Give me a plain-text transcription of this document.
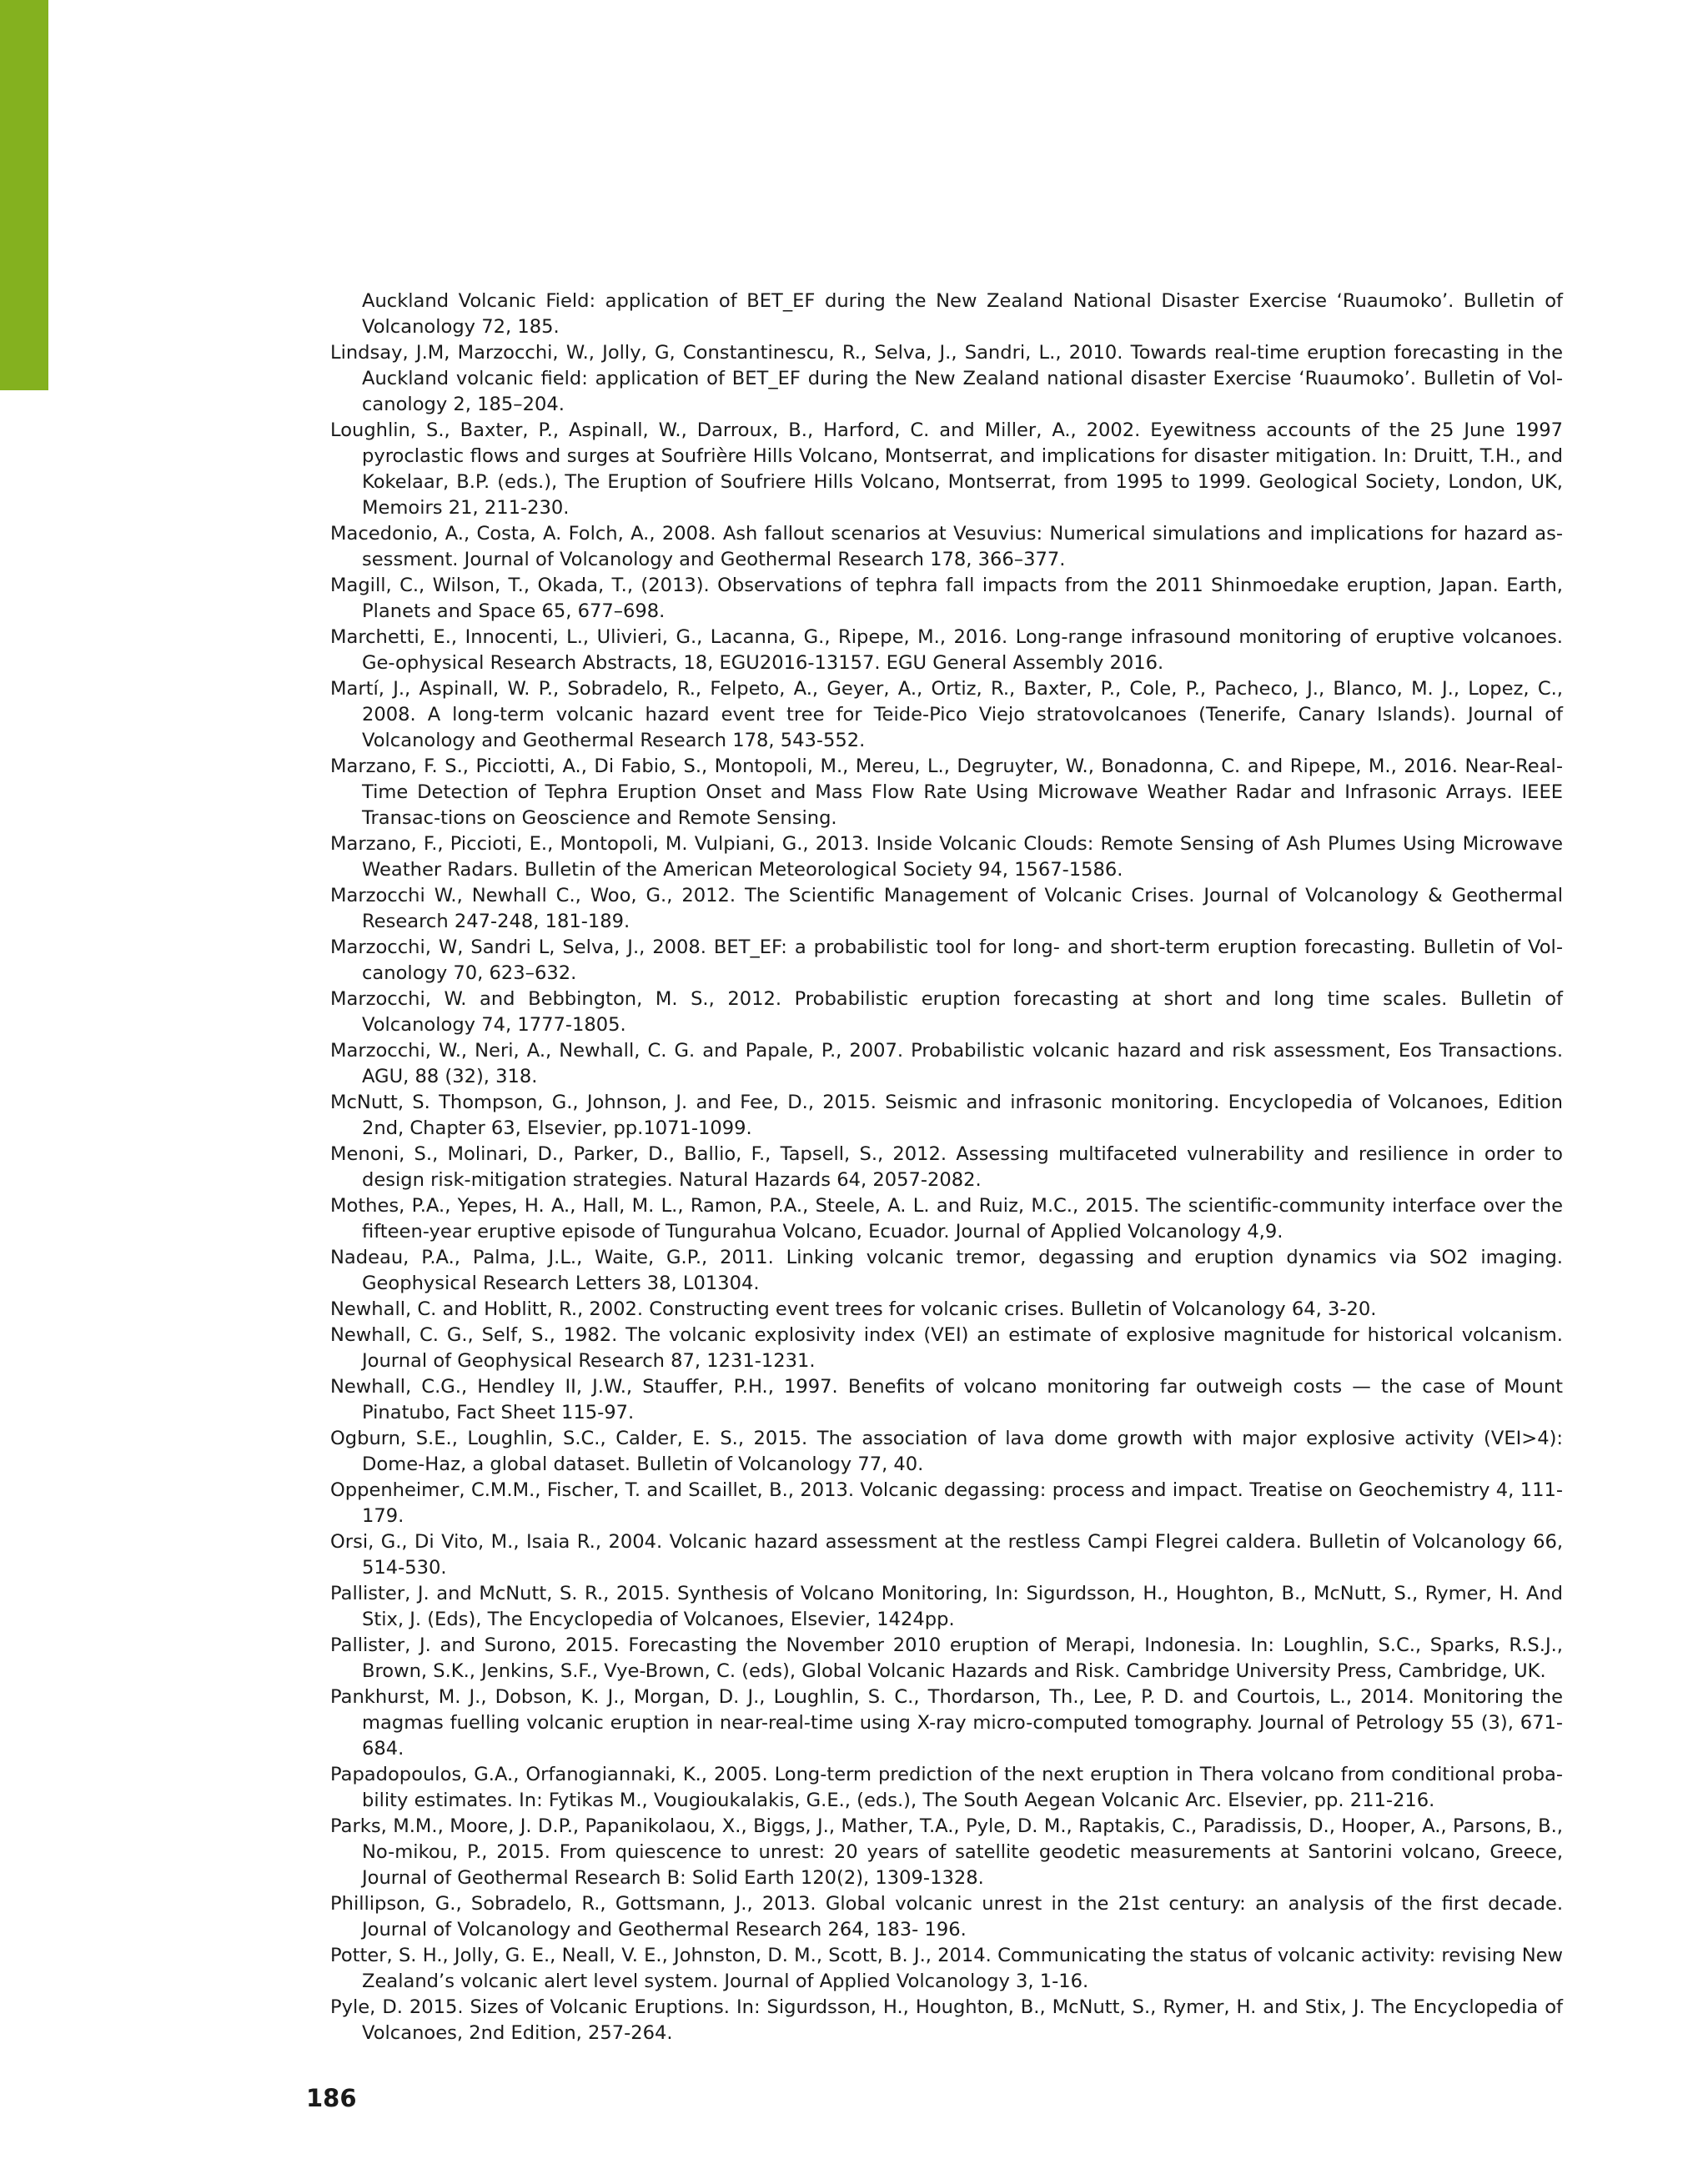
Auckland Volcanic Field: application of BET_EF during the New Zealand National Disaster Exercise ‘Ruaumoko’. Bulletin of Volcanology 72, 185.
Lindsay, J.M, Marzocchi, W., Jolly, G, Constantinescu, R., Selva, J., Sandri, L., 2010. Towards real-time eruption forecasting in the Auckland volcanic field: application of BET_EF during the New Zealand national disaster Exercise ‘Ruaumoko’. Bulletin of Vol-canology 2, 185–204.
Loughlin, S., Baxter, P., Aspinall, W., Darroux, B., Harford, C. and Miller, A., 2002. Eyewitness accounts of the 25 June 1997 pyroclastic flows and surges at Soufrière Hills Volcano, Montserrat, and implications for disaster mitigation. In: Druitt, T.H., and Kokelaar, B.P. (eds.), The Eruption of Soufriere Hills Volcano, Montserrat, from 1995 to 1999. Geological Society, London, UK, Memoirs 21, 211-230.
Macedonio, A., Costa, A. Folch, A., 2008. Ash fallout scenarios at Vesuvius: Numerical simulations and implications for hazard as-sessment. Journal of Volcanology and Geothermal Research 178, 366–377.
Magill, C., Wilson, T., Okada, T., (2013). Observations of tephra fall impacts from the 2011 Shinmoedake eruption, Japan. Earth, Planets and Space 65, 677–698.
Marchetti, E., Innocenti, L., Ulivieri, G., Lacanna, G., Ripepe, M., 2016. Long-range infrasound monitoring of eruptive volcanoes. Ge-ophysical Research Abstracts, 18, EGU2016-13157. EGU General Assembly 2016.
Martí, J., Aspinall, W. P., Sobradelo, R., Felpeto, A., Geyer, A., Ortiz, R., Baxter, P., Cole, P., Pacheco, J., Blanco, M. J., Lopez, C., 2008. A long-term volcanic hazard event tree for Teide-Pico Viejo stratovolcanoes (Tenerife, Canary Islands). Journal of Volcanology and Geothermal Research 178, 543-552.
Marzano, F. S., Picciotti, A., Di Fabio, S., Montopoli, M., Mereu, L., Degruyter, W., Bonadonna, C. and Ripepe, M., 2016. Near-Real-Time Detection of Tephra Eruption Onset and Mass Flow Rate Using Microwave Weather Radar and Infrasonic Arrays. IEEE Transac-tions on Geoscience and Remote Sensing.
Marzano, F., Piccioti, E., Montopoli, M. Vulpiani, G., 2013. Inside Volcanic Clouds: Remote Sensing of Ash Plumes Using Microwave Weather Radars. Bulletin of the American Meteorological Society 94, 1567-1586.
Marzocchi W., Newhall C., Woo, G., 2012. The Scientific Management of Volcanic Crises. Journal of Volcanology & Geothermal Research 247-248, 181-189.
Marzocchi, W, Sandri L, Selva, J., 2008. BET_EF: a probabilistic tool for long- and short-term eruption forecasting. Bulletin of Vol-canology 70, 623–632.
Marzocchi, W. and Bebbington, M. S., 2012. Probabilistic eruption forecasting at short and long time scales. Bulletin of Volcanology 74, 1777-1805.
Marzocchi, W., Neri, A., Newhall, C. G. and Papale, P., 2007. Probabilistic volcanic hazard and risk assessment, Eos Transactions. AGU, 88 (32), 318.
McNutt, S. Thompson, G., Johnson, J. and Fee, D., 2015. Seismic and infrasonic monitoring. Encyclopedia of Volcanoes, Edition 2nd, Chapter 63, Elsevier, pp.1071-1099.
Menoni, S., Molinari, D., Parker, D., Ballio, F., Tapsell, S., 2012. Assessing multifaceted vulnerability and resilience in order to design risk-mitigation strategies. Natural Hazards 64, 2057-2082.
Mothes, P.A., Yepes, H. A., Hall, M. L., Ramon, P.A., Steele, A. L. and Ruiz, M.C., 2015. The scientific-community interface over the fifteen-year eruptive episode of Tungurahua Volcano, Ecuador. Journal of Applied Volcanology 4,9.
Nadeau, P.A., Palma, J.L., Waite, G.P., 2011. Linking volcanic tremor, degassing and eruption dynamics via SO2 imaging. Geophysical Research Letters 38, L01304.
Newhall, C. and Hoblitt, R., 2002. Constructing event trees for volcanic crises. Bulletin of Volcanology 64, 3-20.
Newhall, C. G., Self, S., 1982. The volcanic explosivity index (VEI) an estimate of explosive magnitude for historical volcanism. Journal of Geophysical Research 87, 1231-1231.
Newhall, C.G., Hendley II, J.W., Stauffer, P.H., 1997. Benefits of volcano monitoring far outweigh costs — the case of Mount Pinatubo, Fact Sheet 115-97.
Ogburn, S.E., Loughlin, S.C., Calder, E. S., 2015. The association of lava dome growth with major explosive activity (VEI>4): Dome-Haz, a global dataset. Bulletin of Volcanology 77, 40.
Oppenheimer, C.M.M., Fischer, T. and Scaillet, B., 2013. Volcanic degassing: process and impact. Treatise on Geochemistry 4, 111-179.
Orsi, G., Di Vito, M., Isaia R., 2004. Volcanic hazard assessment at the restless Campi Flegrei caldera. Bulletin of Volcanology 66, 514-530.
Pallister, J. and McNutt, S. R., 2015. Synthesis of Volcano Monitoring, In: Sigurdsson, H., Houghton, B., McNutt, S., Rymer, H. And Stix, J. (Eds), The Encyclopedia of Volcanoes, Elsevier, 1424pp.
Pallister, J. and Surono, 2015. Forecasting the November 2010 eruption of Merapi, Indonesia. In: Loughlin, S.C., Sparks, R.S.J., Brown, S.K., Jenkins, S.F., Vye-Brown, C. (eds), Global Volcanic Hazards and Risk. Cambridge University Press, Cambridge, UK.
Pankhurst, M. J., Dobson, K. J., Morgan, D. J., Loughlin, S. C., Thordarson, Th., Lee, P. D. and Courtois, L., 2014. Monitoring the magmas fuelling volcanic eruption in near-real-time using X-ray micro-computed tomography. Journal of Petrology 55 (3), 671-684.
Papadopoulos, G.A., Orfanogiannaki, K., 2005. Long-term prediction of the next eruption in Thera volcano from conditional proba-bility estimates. In: Fytikas M., Vougioukalakis, G.E., (eds.), The South Aegean Volcanic Arc. Elsevier, pp. 211-216.
Parks, M.M., Moore, J. D.P., Papanikolaou, X., Biggs, J., Mather, T.A., Pyle, D. M., Raptakis, C., Paradissis, D., Hooper, A., Parsons, B., No-mikou, P., 2015. From quiescence to unrest: 20 years of satellite geodetic measurements at Santorini volcano, Greece, Journal of Geothermal Research B: Solid Earth 120(2), 1309-1328.
Phillipson, G., Sobradelo, R., Gottsmann, J., 2013. Global volcanic unrest in the 21st century: an analysis of the first decade. Journal of Volcanology and Geothermal Research 264, 183- 196.
Potter, S. H., Jolly, G. E., Neall, V. E., Johnston, D. M., Scott, B. J., 2014. Communicating the status of volcanic activity: revising New Zealand’s volcanic alert level system. Journal of Applied Volcanology 3, 1-16.
Pyle, D. 2015. Sizes of Volcanic Eruptions. In: Sigurdsson, H., Houghton, B., McNutt, S., Rymer, H. and Stix, J. The Encyclopedia of Volcanoes, 2nd Edition, 257-264.
186
